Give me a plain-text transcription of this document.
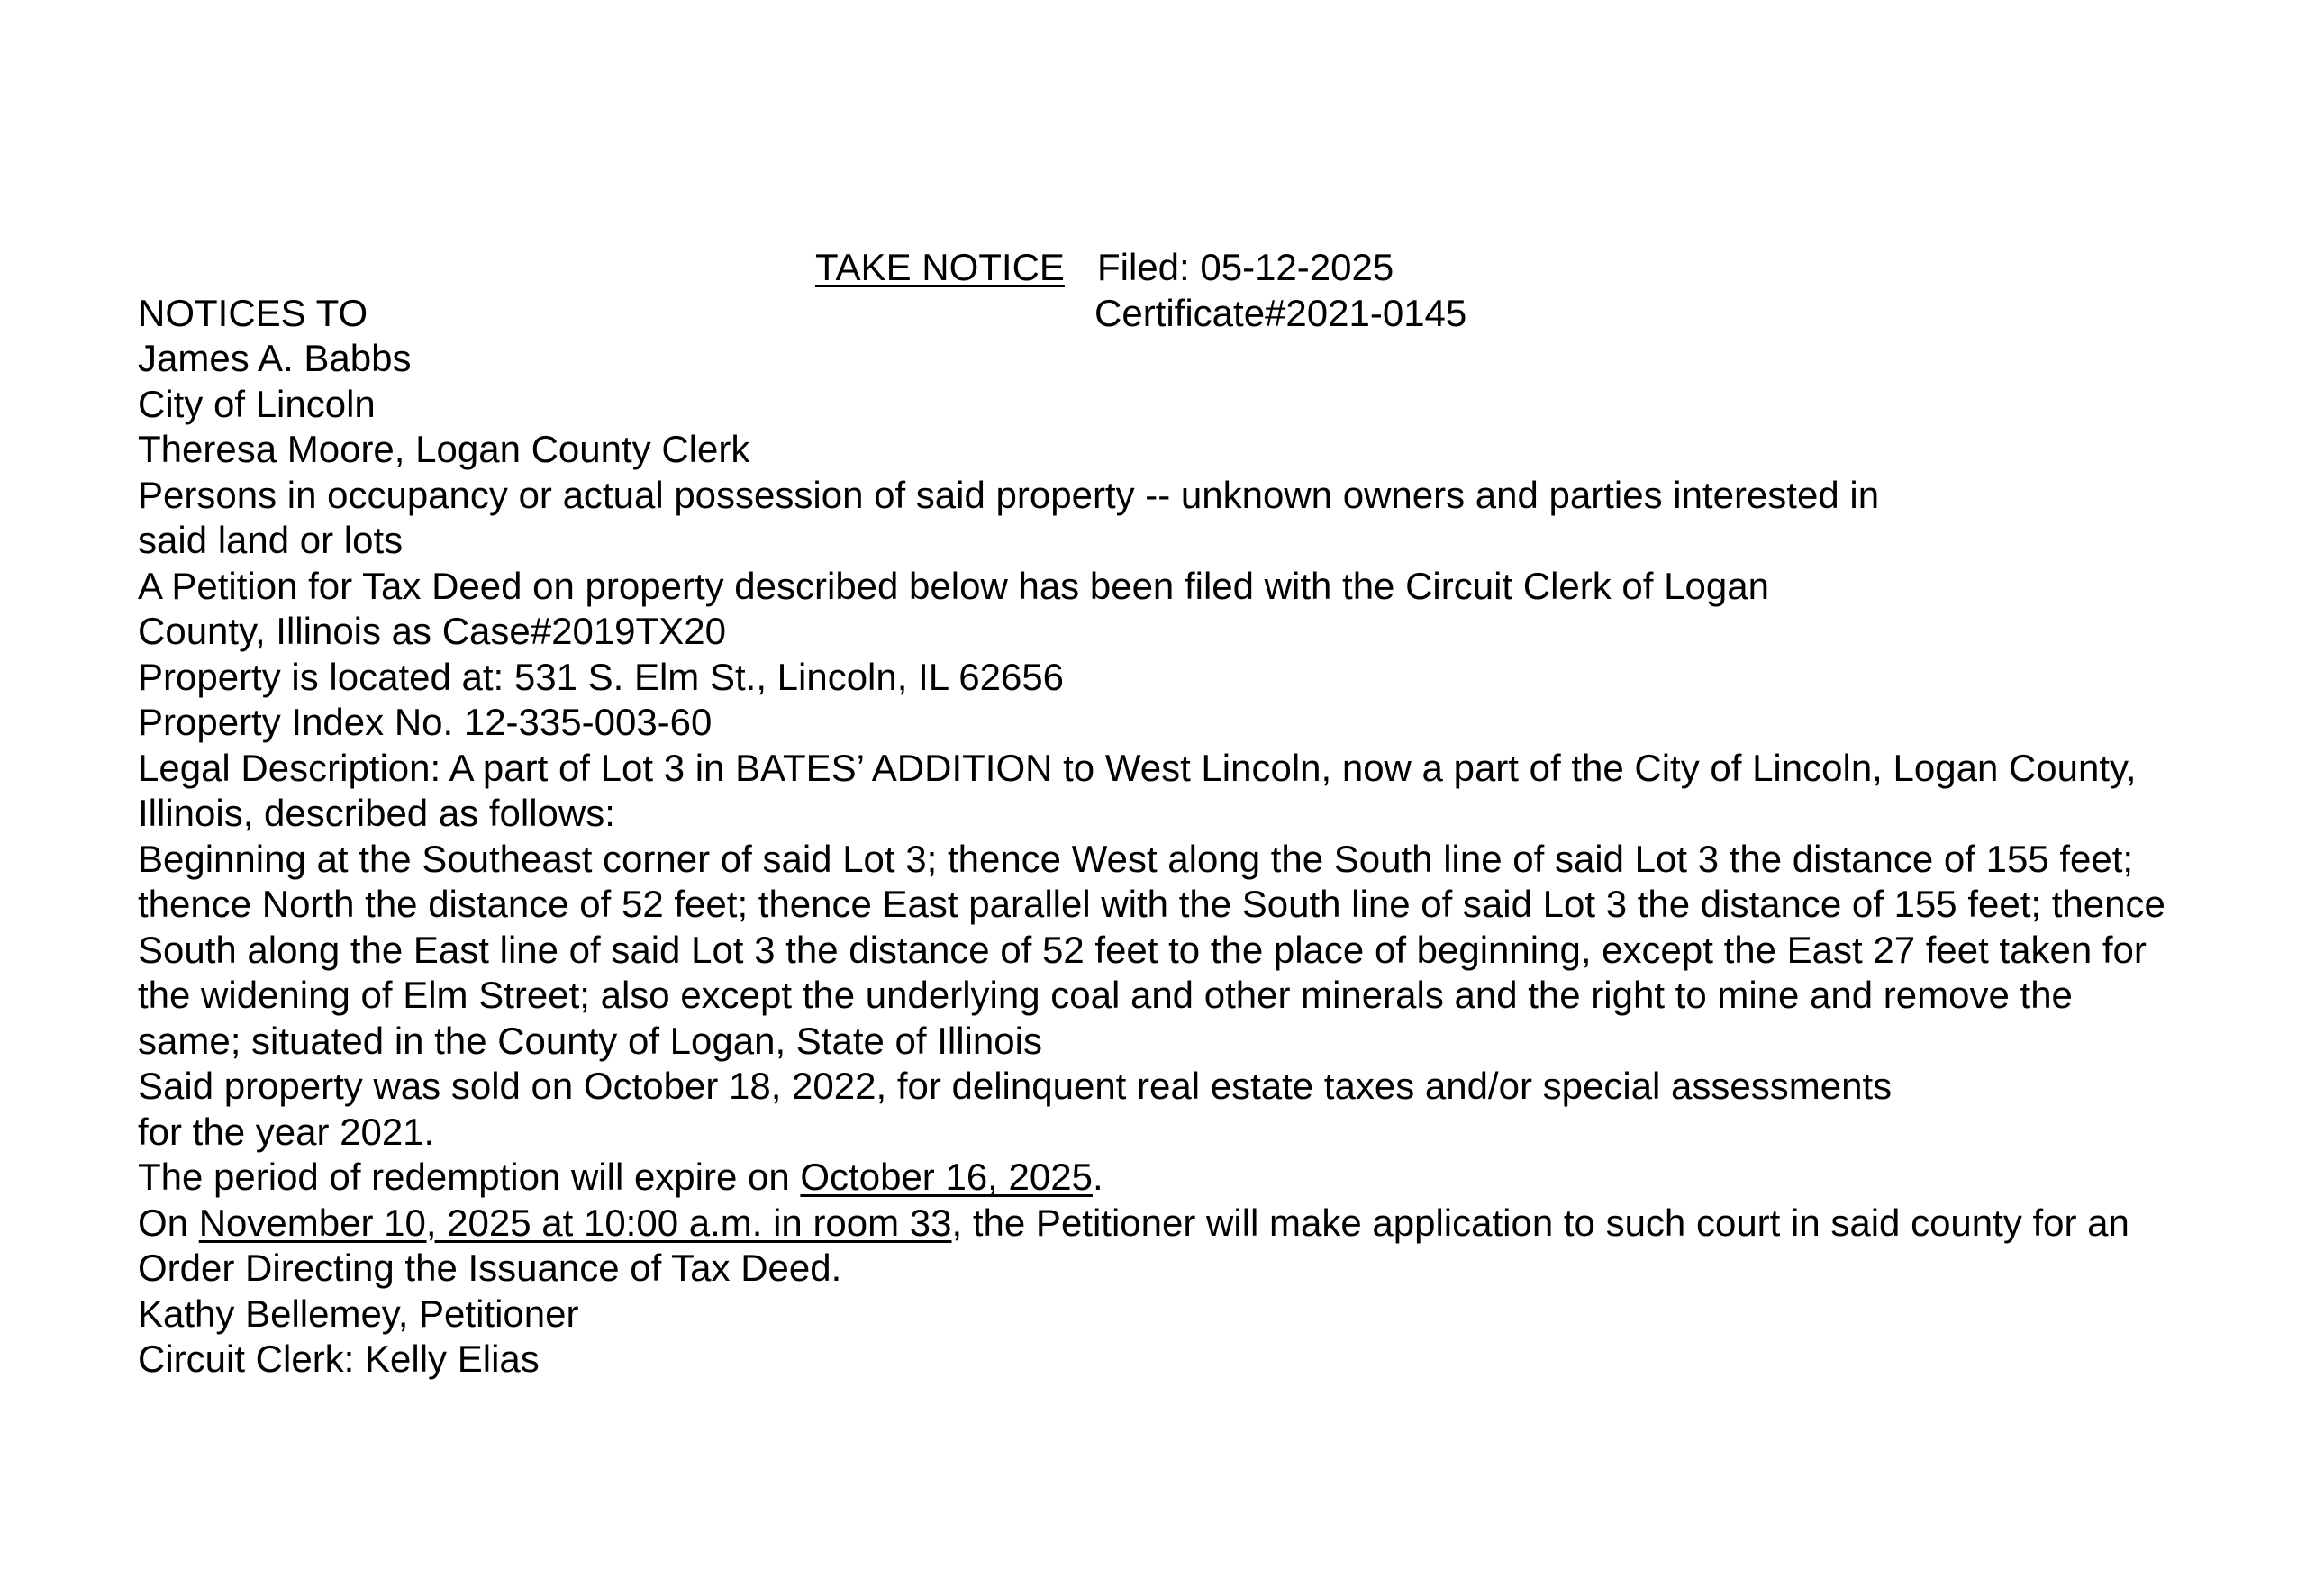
TAKE NOTICE Filed: 05-12-2025
NOTICES TO	Certificate#2021-0145
James A. Babbs
City of Lincoln
Theresa Moore, Logan County Clerk
Persons in occupancy or actual possession of said property -- unknown owners and parties interested in
said land or lots
A Petition for Tax Deed on property described below has been filed with the Circuit Clerk of Logan
County, Illinois as Case#2019TX20
Property is located at: 531 S. Elm St., Lincoln, IL 62656
Property Index No. 12-335-003-60
Legal Description: A part of Lot 3 in BATES’ ADDITION to West Lincoln, now a part of the City of Lincoln, Logan County,
Illinois, described as follows:
Beginning at the Southeast corner of said Lot 3; thence West along the South line of said Lot 3 the distance of 155 feet;
thence North the distance of 52 feet; thence East parallel with the South line of said Lot 3 the distance of 155 feet; thence
South along the East line of said Lot 3 the distance of 52 feet to the place of beginning, except the East 27 feet taken for
the widening of Elm Street; also except the underlying coal and other minerals and the right to mine and remove the
same; situated in the County of Logan, State of Illinois
Said property was sold on October 18, 2022, for delinquent real estate taxes and/or special assessments
for the year 2021.
The period of redemption will expire on October 16, 2025.
On November 10, 2025 at 10:00 a.m. in room 33, the Petitioner will make application to such court in said county for an
Order Directing the Issuance of Tax Deed.
Kathy Bellemey, Petitioner
Circuit Clerk: Kelly Elias
